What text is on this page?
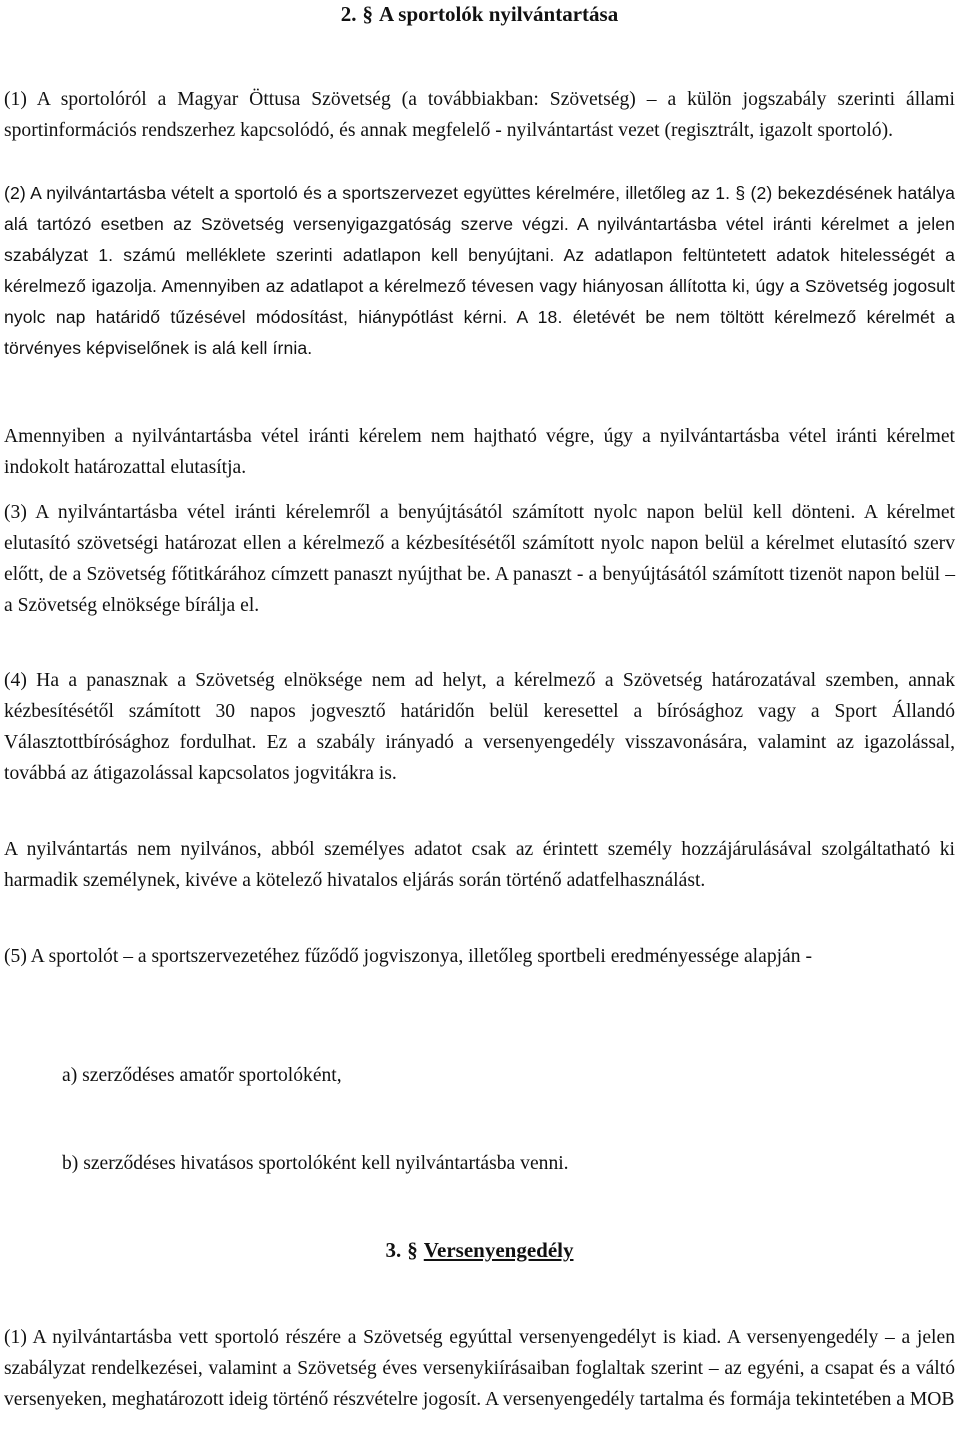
2. § A sportolók nyilvántartása

(1) A sportolóról a Magyar Öttusa Szövetség (a továbbiakban: Szövetség) – a külön jogszabály szerinti állami sportinformációs rendszerhez kapcsolódó, és annak megfelelő - nyilvántartást vezet (regisztrált, igazolt sportoló).

(2) A nyilvántartásba vételt a sportoló és a sportszervezet együttes kérelmére, illetőleg az 1. § (2) bekezdésének hatálya alá tartózó esetben az Szövetség versenyigazgatóság szerve végzi. A nyilvántartásba vétel iránti kérelmet a jelen szabályzat 1. számú melléklete szerinti adatlapon kell benyújtani. Az adatlapon feltüntetett adatok hitelességét a kérelmező igazolja. Amennyiben az adatlapot a kérelmező tévesen vagy hiányosan állította ki, úgy a Szövetség jogosult nyolc nap határidő tűzésével módosítást, hiánypótlást kérni. A 18. életévét be nem töltött kérelmező kérelmét a törvényes képviselőnek is alá kell írnia.

Amennyiben a nyilvántartásba vétel iránti kérelem nem hajtható végre, úgy a nyilvántartásba vétel iránti kérelmet indokolt határozattal elutasítja.

(3) A nyilvántartásba vétel iránti kérelemről a benyújtásától számított nyolc napon belül kell dönteni. A kérelmet elutasító szövetségi határozat ellen a kérelmező a kézbesítésétől számított nyolc napon belül a kérelmet elutasító szerv előtt, de a Szövetség főtitkárához címzett panaszt nyújthat be. A panaszt - a benyújtásától számított tizenöt napon belül – a Szövetség elnöksége bírálja el.

(4) Ha a panasznak a Szövetség elnöksége nem ad helyt, a kérelmező a Szövetség határozatával szemben, annak kézbesítésétől számított 30 napos jogvesztő határidőn belül keresettel a bírósághoz vagy a Sport Állandó Választottbírósághoz fordulhat. Ez a szabály irányadó a versenyengedély visszavonására, valamint az igazolással, továbbá az átigazolással kapcsolatos jogvitákra is.

A nyilvántartás nem nyilvános, abból személyes adatot csak az érintett személy hozzájárulásával szolgáltatható ki harmadik személynek, kivéve a kötelező hivatalos eljárás során történő adatfelhasználást.

(5) A sportolót – a sportszervezetéhez fűződő jogviszonya, illetőleg sportbeli eredményessége alapján -

a) szerződéses amatőr sportolóként,

b) szerződéses hivatásos sportolóként kell nyilvántartásba venni.

3. § Versenyengedély

(1) A nyilvántartásba vett sportoló részére a Szövetség egyúttal versenyengedélyt is kiad. A versenyengedély – a jelen szabályzat rendelkezései, valamint a Szövetség éves versenykiírásaiban foglaltak szerint – az egyéni, a csapat és a váltó versenyeken, meghatározott ideig történő részvételre jogosít. A versenyengedély tartalma és formája tekintetében a MOB
